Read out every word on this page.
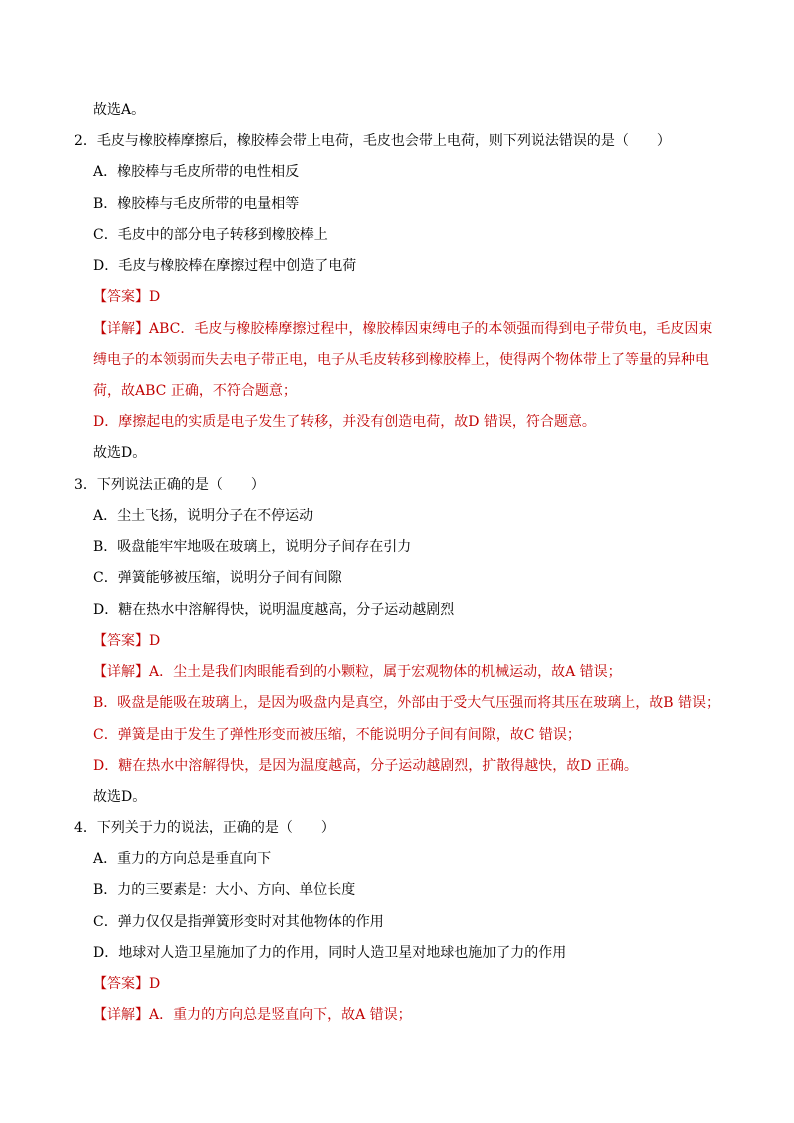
故选A。
2．毛皮与橡胶棒摩擦后，橡胶棒会带上电荷，毛皮也会带上电荷，则下列说法错误的是（　　）
A．橡胶棒与毛皮所带的电性相反
B．橡胶棒与毛皮所带的电量相等
C．毛皮中的部分电子转移到橡胶棒上
D．毛皮与橡胶棒在摩擦过程中创造了电荷
【答案】D
【详解】ABC．毛皮与橡胶棒摩擦过程中，橡胶棒因束缚电子的本领强而得到电子带负电，毛皮因束
缚电子的本领弱而失去电子带正电，电子从毛皮转移到橡胶棒上，使得两个物体带上了等量的异种电
荷，故ABC 正确，不符合题意；
D．摩擦起电的实质是电子发生了转移，并没有创造电荷，故D 错误，符合题意。
故选D。
3．下列说法正确的是（　　）
A．尘土飞扬，说明分子在不停运动
B．吸盘能牢牢地吸在玻璃上，说明分子间存在引力
C．弹簧能够被压缩，说明分子间有间隙
D．糖在热水中溶解得快，说明温度越高，分子运动越剧烈
【答案】D
【详解】A．尘土是我们肉眼能看到的小颗粒，属于宏观物体的机械运动，故A 错误；
B．吸盘是能吸在玻璃上，是因为吸盘内是真空，外部由于受大气压强而将其压在玻璃上，故B 错误；
C．弹簧是由于发生了弹性形变而被压缩，不能说明分子间有间隙，故C 错误；
D．糖在热水中溶解得快，是因为温度越高，分子运动越剧烈，扩散得越快，故D 正确。
故选D。
4．下列关于力的说法，正确的是（　　）
A．重力的方向总是垂直向下
B．力的三要素是：大小、方向、单位长度
C．弹力仅仅是指弹簧形变时对其他物体的作用
D．地球对人造卫星施加了力的作用，同时人造卫星对地球也施加了力的作用
【答案】D
【详解】A．重力的方向总是竖直向下，故A 错误；
